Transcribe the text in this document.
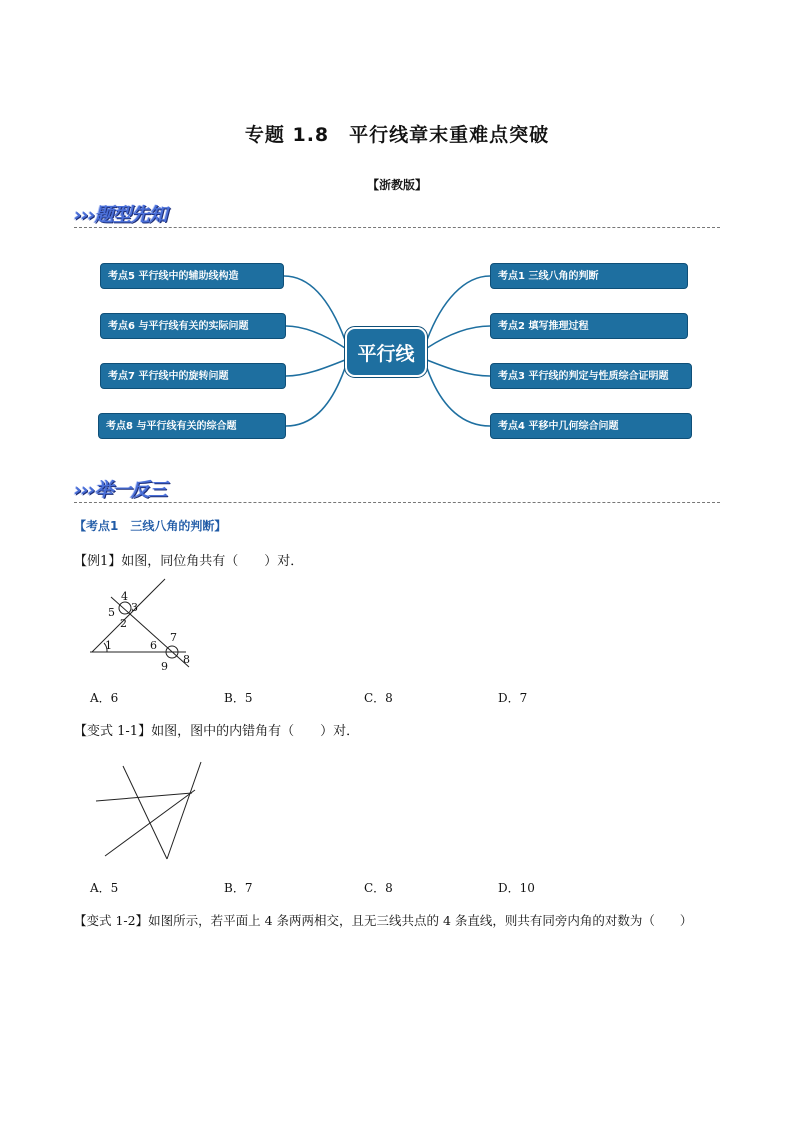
专题 1.8　平行线章末重难点突破
【浙教版】
›››题型先知
平行线
考点5 平行线中的辅助线构造
考点6 与平行线有关的实际问题
考点7 平行线中的旋转问题
考点8 与平行线有关的综合题
考点1 三线八角的判断
考点2 填写推理过程
考点3 平行线的判定与性质综合证明题
考点4 平移中几何综合问题
›››举一反三
【考点1　三线八角的判断】
【例1】如图，同位角共有（　　）对．
1
2
3
4
5
6
7
8
9
A．6	B．5	C．8	D．7
【变式 1-1】如图，图中的内错角有（　　）对．
A．5	B．7	C．8	D．10
【变式 1-2】如图所示，若平面上 4 条两两相交，且无三线共点的 4 条直线，则共有同旁内角的对数为（　　）
